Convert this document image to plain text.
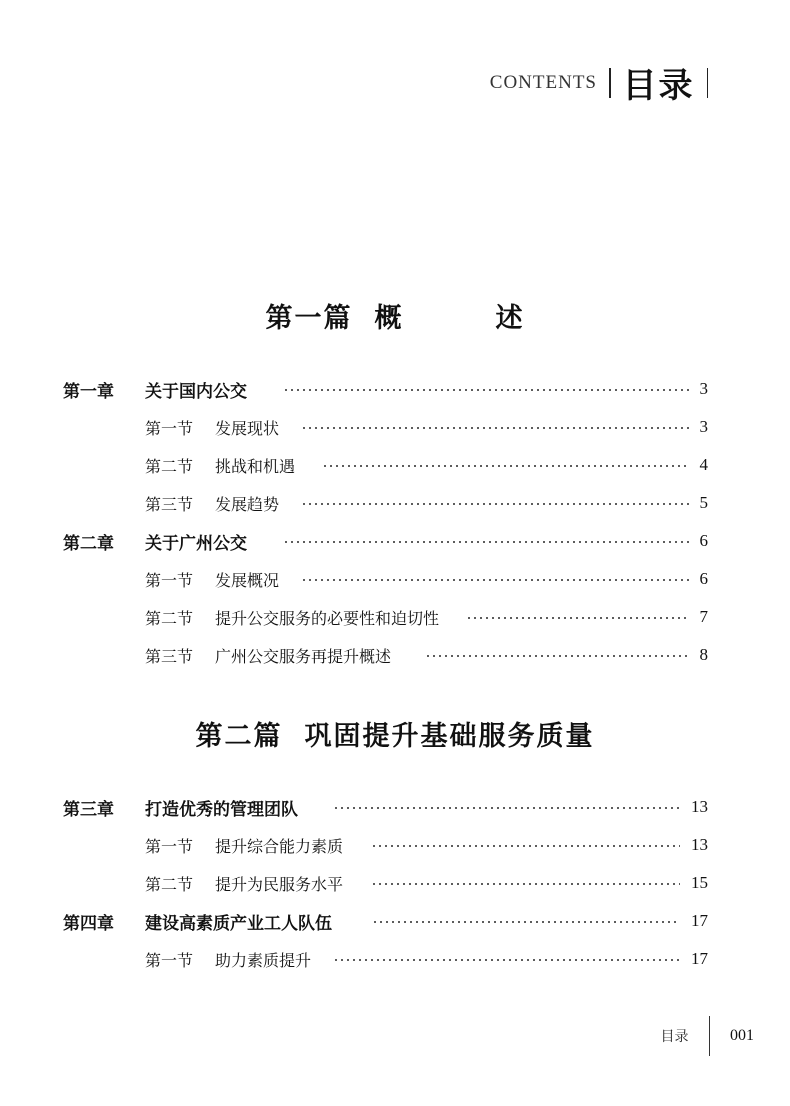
CONTENTS 目录
第一篇 概	述
第一章 关于国内公交	3
第一节 发展现状	3
第二节 挑战和机遇	4
第三节 发展趋势	5
第二章 关于广州公交	6
第一节 发展概况	6
第二节 提升公交服务的必要性和迫切性	7
第三节 广州公交服务再提升概述	8
第二篇 巩固提升基础服务质量
第三章 打造优秀的管理团队	13
第一节 提升综合能力素质	13
第二节 提升为民服务水平	15
第四章 建设高素质产业工人队伍	17
第一节 助力素质提升	17
目录	001
